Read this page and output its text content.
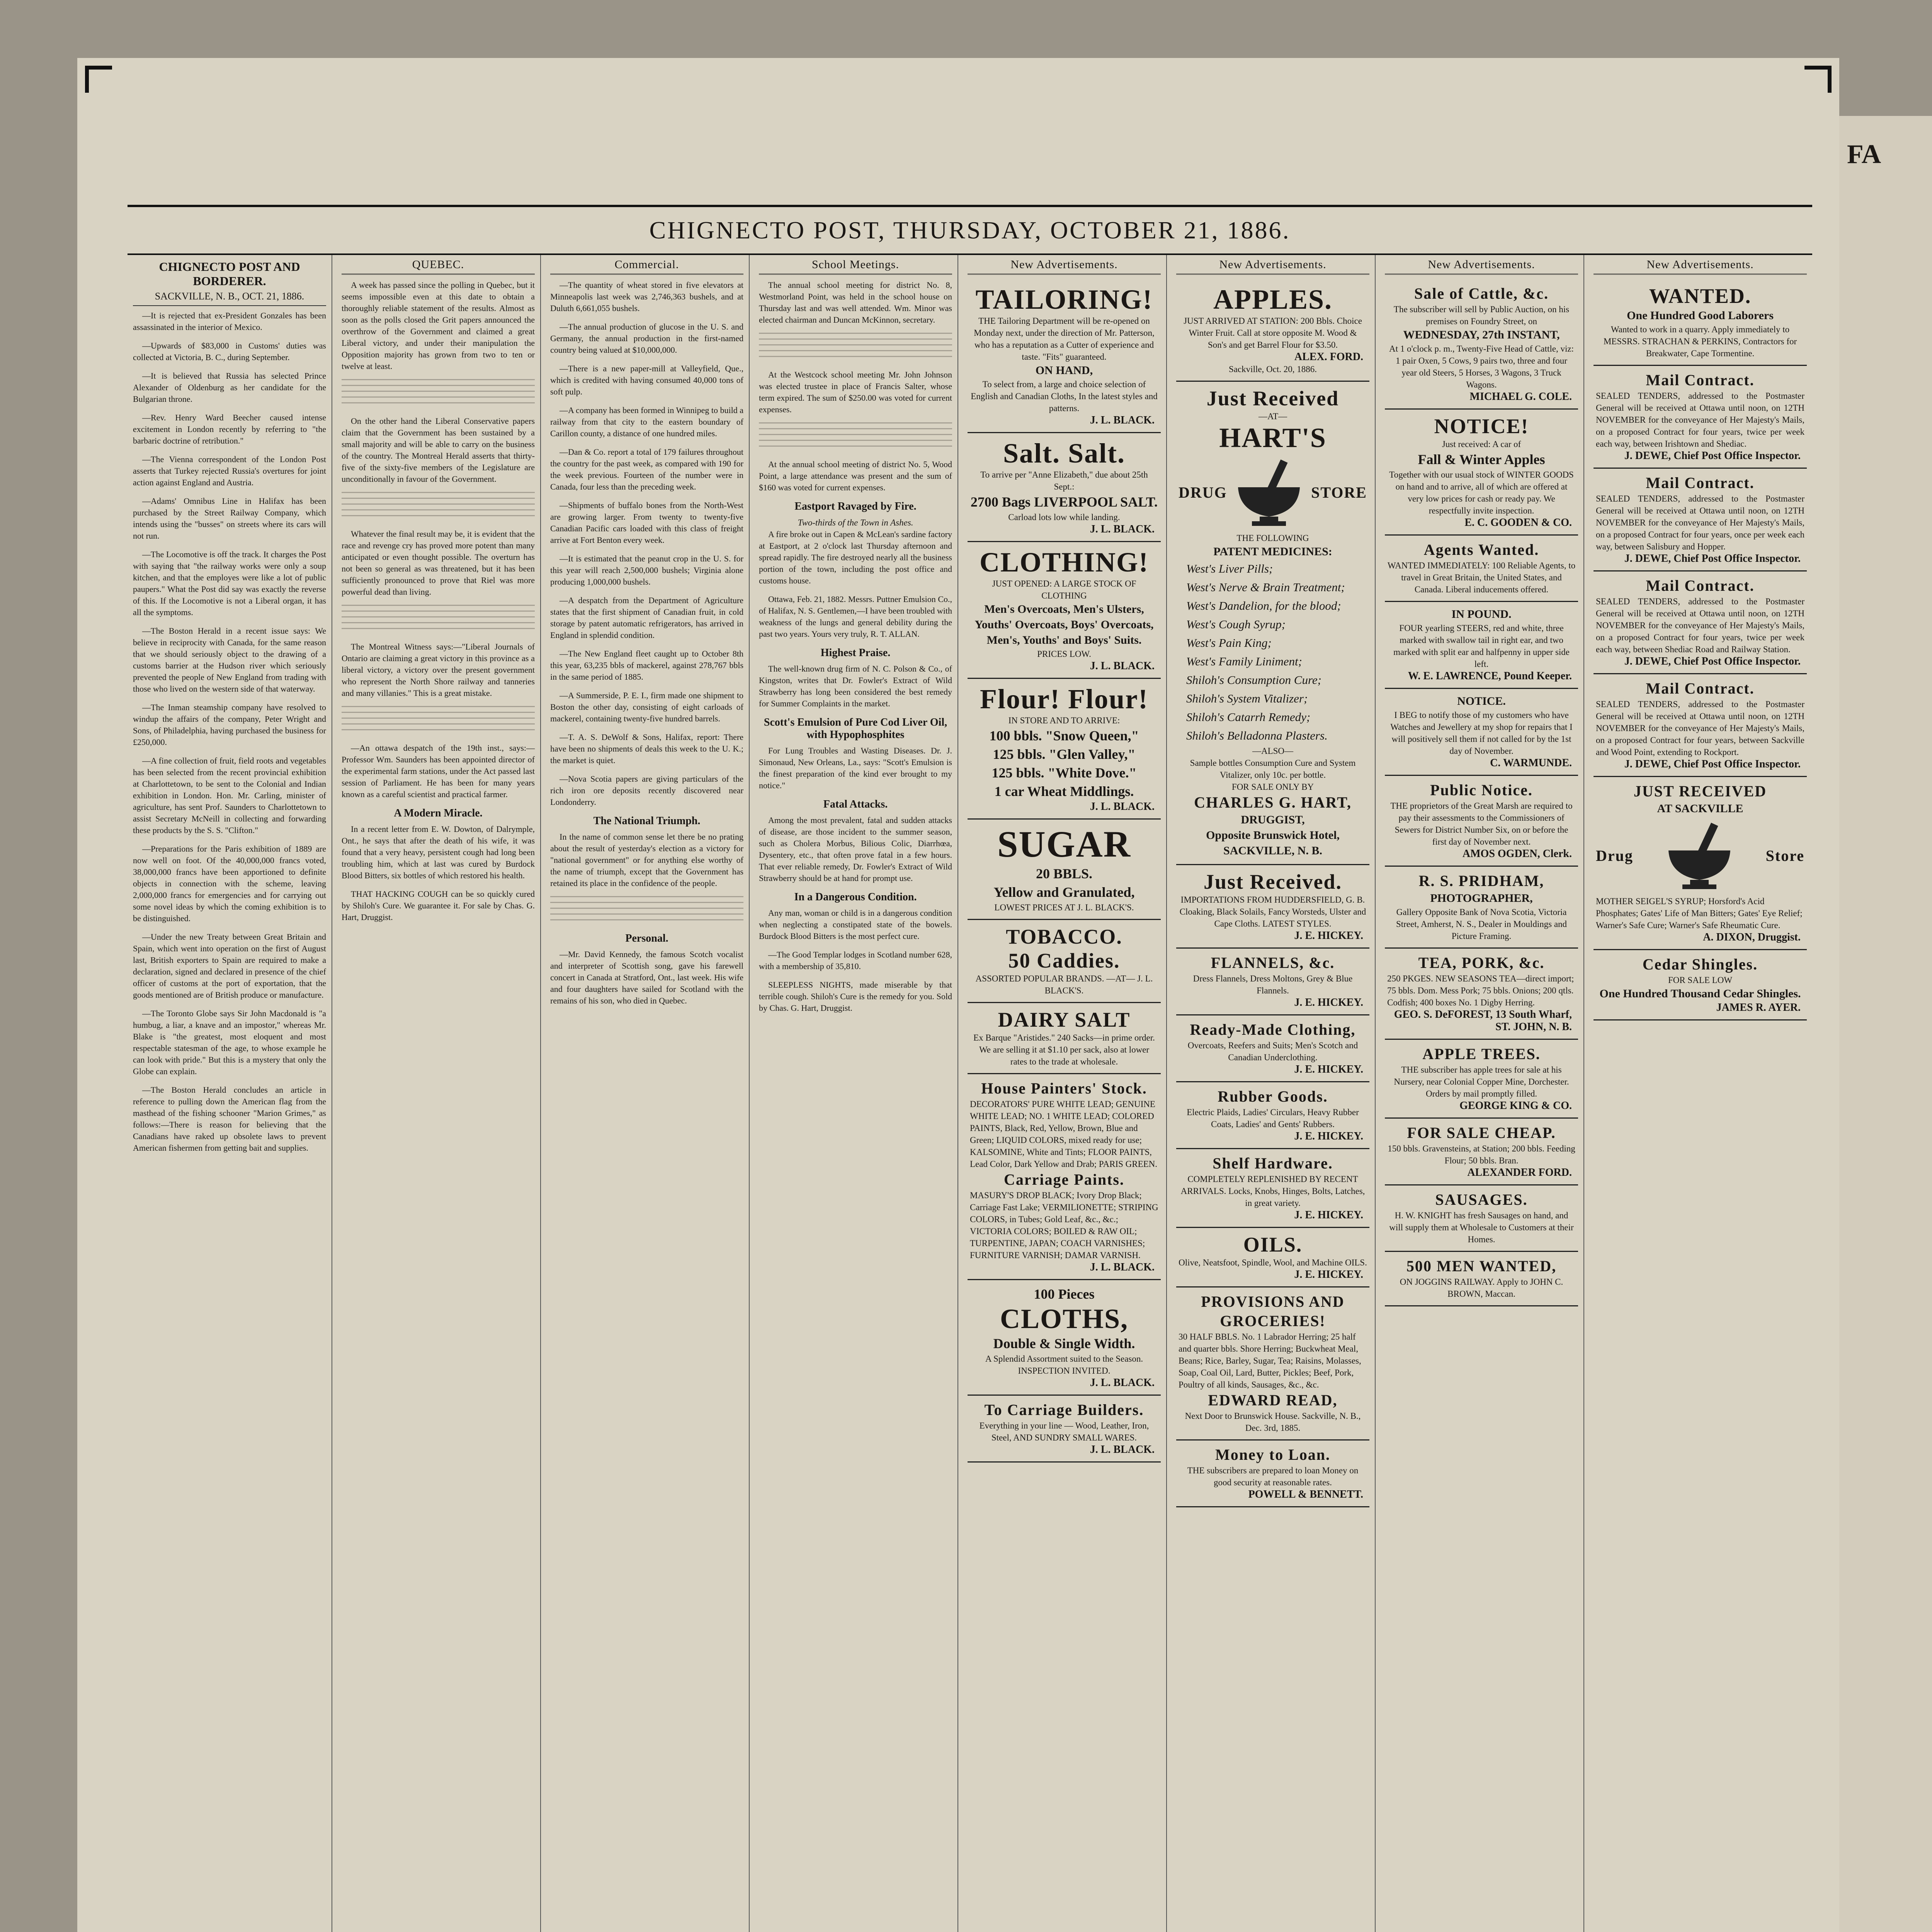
FA
CHIGNECTO POST, THURSDAY, OCTOBER 21, 1886.
CHIGNECTO POST AND BORDERER.
SACKVILLE, N. B., OCT. 21, 1886.

—It is rejected that ex-President Gonzales has been assassinated in the interior of Mexico.

—Upwards of $83,000 in Customs' duties was collected at Victoria, B. C., during September.

—It is believed that Russia has selected Prince Alexander of Oldenburg as her candidate for the Bulgarian throne.

—Rev. Henry Ward Beecher caused intense excitement in London recently by referring to "the barbaric doctrine of retribution."

—The Vienna correspondent of the London Post asserts that Turkey rejected Russia's overtures for joint action against England and Austria.

—Adams' Omnibus Line in Halifax has been purchased by the Street Railway Company, which intends using the "busses" on streets where its cars will not run.

—The Locomotive is off the track. It charges the Post with saying that "the railway works were only a soup kitchen, and that the employes were like a lot of public paupers." What the Post did say was exactly the reverse of this. If the Locomotive is not a Liberal organ, it has all the symptoms.

—The Boston Herald in a recent issue says: We believe in reciprocity with Canada, for the same reason that we should seriously object to the drawing of a customs barrier at the Hudson river which seriously prevented the people of New England from trading with those who lived on the western side of that waterway.

—The Inman steamship company have resolved to windup the affairs of the company, Peter Wright and Sons, of Philadelphia, having purchased the business for £250,000.

—A fine collection of fruit, field roots and vegetables has been selected from the recent provincial exhibition at Charlottetown, to be sent to the Colonial and Indian exhibition in London. Hon. Mr. Carling, minister of agriculture, has sent Prof. Saunders to Charlottetown to assist Secretary McNeill in collecting and forwarding these products by the S. S. "Clifton."

—Preparations for the Paris exhibition of 1889 are now well on foot. Of the 40,000,000 francs voted, 38,000,000 francs have been apportioned to definite objects in connection with the scheme, leaving 2,000,000 francs for emergencies and for carrying out some novel ideas by which the coming exhibition is to be distinguished.

—Under the new Treaty between Great Britain and Spain, which went into operation on the first of August last, British exporters to Spain are required to make a declaration, signed and declared in presence of the chief officer of customs at the port of exportation, that the goods mentioned are of British produce or manufacture.

—The Toronto Globe says Sir John Macdonald is "a humbug, a liar, a knave and an impostor," whereas Mr. Blake is "the greatest, most eloquent and most respectable statesman of the age, to whose example he can look with pride." But this is a mystery that only the Globe can explain.

—The Boston Herald concludes an article in reference to pulling down the American flag from the masthead of the fishing schooner "Marion Grimes," as follows:—There is reason for believing that the Canadians have raked up obsolete laws to prevent American fishermen from getting bait and supplies.

QUEBEC.

A week has passed since the polling in Quebec, but it seems impossible even at this date to obtain a thoroughly reliable statement of the results. Almost as soon as the polls closed the Grit papers announced the overthrow of the Government and claimed a great Liberal victory, and under their manipulation the Opposition majority has grown from two to ten or twelve at least.

On the other hand the Liberal Conservative papers claim that the Government has been sustained by a small majority and will be able to carry on the business of the country. The Montreal Herald asserts that thirty-five of the sixty-five members of the Legislature are unconditionally in favour of the Government.

Whatever the final result may be, it is evident that the race and revenge cry has proved more potent than many anticipated or even thought possible. The overturn has not been so general as was threatened, but it has been sufficiently pronounced to prove that Riel was more powerful dead than living.

The Montreal Witness says:—"Liberal Journals of Ontario are claiming a great victory in this province as a liberal victory, a victory over the present government who represent the North Shore railway and tanneries and many villanies." This is a great mistake.

—An ottawa despatch of the 19th inst., says:—Professor Wm. Saunders has been appointed director of the experimental farm stations, under the Act passed last session of Parliament. He has been for many years known as a careful scientist and practical farmer.

A Modern Miracle.

In a recent letter from E. W. Dowton, of Dalrymple, Ont., he says that after the death of his wife, it was found that a very heavy, persistent cough had long been troubling him, which at last was cured by Burdock Blood Bitters, six bottles of which restored his health.

THAT HACKING COUGH can be so quickly cured by Shiloh's Cure. We guarantee it. For sale by Chas. G. Hart, Druggist.

Commercial.

—The quantity of wheat stored in five elevators at Minneapolis last week was 2,746,363 bushels, and at Duluth 6,661,055 bushels.

—The annual production of glucose in the U. S. and Germany, the annual production in the first-named country being valued at $10,000,000.

—There is a new paper-mill at Valleyfield, Que., which is credited with having consumed 40,000 tons of soft pulp.

—A company has been formed in Winnipeg to build a railway from that city to the eastern boundary of Carillon county, a distance of one hundred miles.

—Dan & Co. report a total of 179 failures throughout the country for the past week, as compared with 190 for the week previous. Fourteen of the number were in Canada, four less than the preceding week.

—Shipments of buffalo bones from the North-West are growing larger. From twenty to twenty-five Canadian Pacific cars loaded with this class of freight arrive at Fort Benton every week.

—It is estimated that the peanut crop in the U. S. for this year will reach 2,500,000 bushels; Virginia alone producing 1,000,000 bushels.

—A despatch from the Department of Agriculture states that the first shipment of Canadian fruit, in cold storage by patent automatic refrigerators, has arrived in England in splendid condition.

—The New England fleet caught up to October 8th this year, 63,235 bbls of mackerel, against 278,767 bbls in the same period of 1885.

—A Summerside, P. E. I., firm made one shipment to Boston the other day, consisting of eight carloads of mackerel, containing twenty-five hundred barrels.

—T. A. S. DeWolf & Sons, Halifax, report: There have been no shipments of deals this week to the U. K.; the market is quiet.

—Nova Scotia papers are giving particulars of the rich iron ore deposits recently discovered near Londonderry.

The National Triumph.

In the name of common sense let there be no prating about the result of yesterday's election as a victory for "national government" or for anything else worthy of the name of triumph, except that the Government has retained its place in the confidence of the people.

Personal.

—Mr. David Kennedy, the famous Scotch vocalist and interpreter of Scottish song, gave his farewell concert in Canada at Stratford, Ont., last week. His wife and four daughters have sailed for Scotland with the remains of his son, who died in Quebec.

School Meetings.

The annual school meeting for district No. 8, Westmorland Point, was held in the school house on Thursday last and was well attended. Wm. Minor was elected chairman and Duncan McKinnon, secretary.

At the Westcock school meeting Mr. John Johnson was elected trustee in place of Francis Salter, whose term expired. The sum of $250.00 was voted for current expenses.

At the annual school meeting of district No. 5, Wood Point, a large attendance was present and the sum of $160 was voted for current expenses.

Eastport Ravaged by Fire.
Two-thirds of the Town in Ashes.

A fire broke out in Capen & McLean's sardine factory at Eastport, at 2 o'clock last Thursday afternoon and spread rapidly. The fire destroyed nearly all the business portion of the town, including the post office and customs house.

Ottawa, Feb. 21, 1882. Messrs. Puttner Emulsion Co., of Halifax, N. S. Gentlemen,—I have been troubled with weakness of the lungs and general debility during the past two years. Yours very truly, R. T. ALLAN.

Highest Praise.

The well-known drug firm of N. C. Polson & Co., of Kingston, writes that Dr. Fowler's Extract of Wild Strawberry has long been considered the best remedy for Summer Complaints in the market.

Scott's Emulsion of Pure Cod Liver Oil, with Hypophosphites

For Lung Troubles and Wasting Diseases. Dr. J. Simonaud, New Orleans, La., says: "Scott's Emulsion is the finest preparation of the kind ever brought to my notice."

Fatal Attacks.

Among the most prevalent, fatal and sudden attacks of disease, are those incident to the summer season, such as Cholera Morbus, Bilious Colic, Diarrhœa, Dysentery, etc., that often prove fatal in a few hours. That ever reliable remedy, Dr. Fowler's Extract of Wild Strawberry should be at hand for prompt use.

In a Dangerous Condition.

Any man, woman or child is in a dangerous condition when neglecting a constipated state of the bowels. Burdock Blood Bitters is the most perfect cure.

—The Good Templar lodges in Scotland number 628, with a membership of 35,810.

SLEEPLESS NIGHTS, made miserable by that terrible cough. Shiloh's Cure is the remedy for you. Sold by Chas. G. Hart, Druggist.

New Advertisements.
TAILORING!
THE Tailoring Department will be re-opened on Monday next, under the direction of Mr. Patterson, who has a reputation as a Cutter of experience and taste. "Fits" guaranteed.
ON HAND,
To select from, a large and choice selection of English and Canadian Cloths, In the latest styles and patterns.
J. L. BLACK.
Salt. Salt.
To arrive per "Anne Elizabeth," due about 25th Sept.:
2700 Bags LIVERPOOL SALT.
Carload lots low while landing.
J. L. BLACK.
CLOTHING!
JUST OPENED: A LARGE STOCK OF CLOTHING
Men's Overcoats, Men's Ulsters, Youths' Overcoats, Boys' Overcoats, Men's, Youths' and Boys' Suits.
PRICES LOW.
J. L. BLACK.
Flour! Flour!
IN STORE AND TO ARRIVE:
100 bbls. "Snow Queen,"
125 bbls. "Glen Valley,"
125 bbls. "White Dove."
1 car Wheat Middlings.
J. L. BLACK.
SUGAR
20 BBLS.
Yellow and Granulated,
LOWEST PRICES AT J. L. BLACK'S.
TOBACCO.
50 Caddies.
ASSORTED POPULAR BRANDS. —AT— J. L. BLACK'S.
DAIRY SALT
Ex Barque "Aristides." 240 Sacks—in prime order. We are selling it at $1.10 per sack, also at lower rates to the trade at wholesale.
House Painters' Stock.
DECORATORS' PURE WHITE LEAD; GENUINE WHITE LEAD; NO. 1 WHITE LEAD; COLORED PAINTS, Black, Red, Yellow, Brown, Blue and Green; LIQUID COLORS, mixed ready for use; KALSOMINE, White and Tints; FLOOR PAINTS, Lead Color, Dark Yellow and Drab; PARIS GREEN.
Carriage Paints.
MASURY'S DROP BLACK; Ivory Drop Black; Carriage Fast Lake; VERMILIONETTE; STRIPING COLORS, in Tubes; Gold Leaf, &c., &c.; VICTORIA COLORS; BOILED & RAW OIL; TURPENTINE, JAPAN; COACH VARNISHES; FURNITURE VARNISH; DAMAR VARNISH.
J. L. BLACK.
100 Pieces
CLOTHS,
Double & Single Width.
A Splendid Assortment suited to the Season. INSPECTION INVITED.
J. L. BLACK.
To Carriage Builders.
Everything in your line — Wood, Leather, Iron, Steel, AND SUNDRY SMALL WARES.
J. L. BLACK.
New Advertisements.
APPLES.
JUST ARRIVED AT STATION: 200 Bbls. Choice Winter Fruit. Call at store opposite M. Wood & Son's and get Barrel Flour for $3.50.
ALEX. FORD.
Sackville, Oct. 20, 1886.
Just Received
—AT—
HART'S
DRUG	STORE
THE FOLLOWING
PATENT MEDICINES:
West's Liver Pills;
West's Nerve & Brain Treatment;
West's Dandelion, for the blood;
West's Cough Syrup;
West's Pain King;
West's Family Liniment;
Shiloh's Consumption Cure;
Shiloh's System Vitalizer;
Shiloh's Catarrh Remedy;
Shiloh's Belladonna Plasters.
—ALSO—
Sample bottles Consumption Cure and System Vitalizer, only 10c. per bottle.
FOR SALE ONLY BY
CHARLES G. HART,
DRUGGIST,
Opposite Brunswick Hotel,
SACKVILLE, N. B.
Just Received.
IMPORTATIONS FROM HUDDERSFIELD, G. B. Cloaking, Black Solails, Fancy Worsteds, Ulster and Cape Cloths. LATEST STYLES.
J. E. HICKEY.
FLANNELS, &c.
Dress Flannels, Dress Moltons, Grey & Blue Flannels.
J. E. HICKEY.
Ready-Made Clothing,
Overcoats, Reefers and Suits; Men's Scotch and Canadian Underclothing.
J. E. HICKEY.
Rubber Goods.
Electric Plaids, Ladies' Circulars, Heavy Rubber Coats, Ladies' and Gents' Rubbers.
J. E. HICKEY.
Shelf Hardware.
COMPLETELY REPLENISHED BY RECENT ARRIVALS. Locks, Knobs, Hinges, Bolts, Latches, in great variety.
J. E. HICKEY.
OILS.
Olive, Neatsfoot, Spindle, Wool, and Machine OILS.
J. E. HICKEY.
PROVISIONS AND GROCERIES!
30 HALF BBLS. No. 1 Labrador Herring; 25 half and quarter bbls. Shore Herring; Buckwheat Meal, Beans; Rice, Barley, Sugar, Tea; Raisins, Molasses, Soap, Coal Oil, Lard, Butter, Pickles; Beef, Pork, Poultry of all kinds, Sausages, &c., &c.
EDWARD READ,
Next Door to Brunswick House. Sackville, N. B., Dec. 3rd, 1885.
Money to Loan.
THE subscribers are prepared to loan Money on good security at reasonable rates.
POWELL & BENNETT.
New Advertisements.
Sale of Cattle, &c.
The subscriber will sell by Public Auction, on his premises on Foundry Street, on
WEDNESDAY, 27th INSTANT,
At 1 o'clock p. m., Twenty-Five Head of Cattle, viz: 1 pair Oxen, 5 Cows, 9 pairs two, three and four year old Steers, 5 Horses, 3 Wagons, 3 Truck Wagons.
MICHAEL G. COLE.
NOTICE!
Just received: A car of
Fall & Winter Apples
Together with our usual stock of WINTER GOODS on hand and to arrive, all of which are offered at very low prices for cash or ready pay. We respectfully invite inspection.
E. C. GOODEN & CO.
Agents Wanted.
WANTED IMMEDIATELY: 100 Reliable Agents, to travel in Great Britain, the United States, and Canada. Liberal inducements offered.
IN POUND.
FOUR yearling STEERS, red and white, three marked with swallow tail in right ear, and two marked with split ear and halfpenny in upper side left.
W. E. LAWRENCE, Pound Keeper.
NOTICE.
I BEG to notify those of my customers who have Watches and Jewellery at my shop for repairs that I will positively sell them if not called for by the 1st day of November.
C. WARMUNDE.
Public Notice.
THE proprietors of the Great Marsh are required to pay their assessments to the Commissioners of Sewers for District Number Six, on or before the first day of November next.
AMOS OGDEN, Clerk.
R. S. PRIDHAM,
PHOTOGRAPHER,
Gallery Opposite Bank of Nova Scotia, Victoria Street, Amherst, N. S., Dealer in Mouldings and Picture Framing.
TEA, PORK, &c.
250 PKGES. NEW SEASONS TEA—direct import; 75 bbls. Dom. Mess Pork; 75 bbls. Onions; 200 qtls. Codfish; 400 boxes No. 1 Digby Herring.
GEO. S. DeFOREST, 13 South Wharf, ST. JOHN, N. B.
APPLE TREES.
THE subscriber has apple trees for sale at his Nursery, near Colonial Copper Mine, Dorchester. Orders by mail promptly filled.
GEORGE KING & CO.
FOR SALE CHEAP.
150 bbls. Gravensteins, at Station; 200 bbls. Feeding Flour; 50 bbls. Bran.
ALEXANDER FORD.
SAUSAGES.
H. W. KNIGHT has fresh Sausages on hand, and will supply them at Wholesale to Customers at their Homes.
500 MEN WANTED,
ON JOGGINS RAILWAY. Apply to JOHN C. BROWN, Maccan.
New Advertisements.
WANTED.
One Hundred Good Laborers
Wanted to work in a quarry. Apply immediately to MESSRS. STRACHAN & PERKINS, Contractors for Breakwater, Cape Tormentine.
Mail Contract.
SEALED TENDERS, addressed to the Postmaster General will be received at Ottawa until noon, on 12TH NOVEMBER for the conveyance of Her Majesty's Mails, on a proposed Contract for four years, twice per week each way, between Irishtown and Shediac.
J. DEWE, Chief Post Office Inspector.
Mail Contract.
SEALED TENDERS, addressed to the Postmaster General will be received at Ottawa until noon, on 12TH NOVEMBER for the conveyance of Her Majesty's Mails, on a proposed Contract for four years, once per week each way, between Salisbury and Hopper.
J. DEWE, Chief Post Office Inspector.
Mail Contract.
SEALED TENDERS, addressed to the Postmaster General will be received at Ottawa until noon, on 12TH NOVEMBER for the conveyance of Her Majesty's Mails, on a proposed Contract for four years, twice per week each way, between Shediac Road and Railway Station.
J. DEWE, Chief Post Office Inspector.
Mail Contract.
SEALED TENDERS, addressed to the Postmaster General will be received at Ottawa until noon, on 12TH NOVEMBER for the conveyance of Her Majesty's Mails, on a proposed Contract for four years, between Sackville and Wood Point, extending to Rockport.
J. DEWE, Chief Post Office Inspector.
JUST RECEIVED
AT SACKVILLE
Drug	Store
MOTHER SEIGEL'S SYRUP; Horsford's Acid Phosphates; Gates' Life of Man Bitters; Gates' Eye Relief; Warner's Safe Cure; Warner's Safe Rheumatic Cure.
A. DIXON, Druggist.
Cedar Shingles.
FOR SALE LOW
One Hundred Thousand Cedar Shingles.
JAMES R. AYER.
